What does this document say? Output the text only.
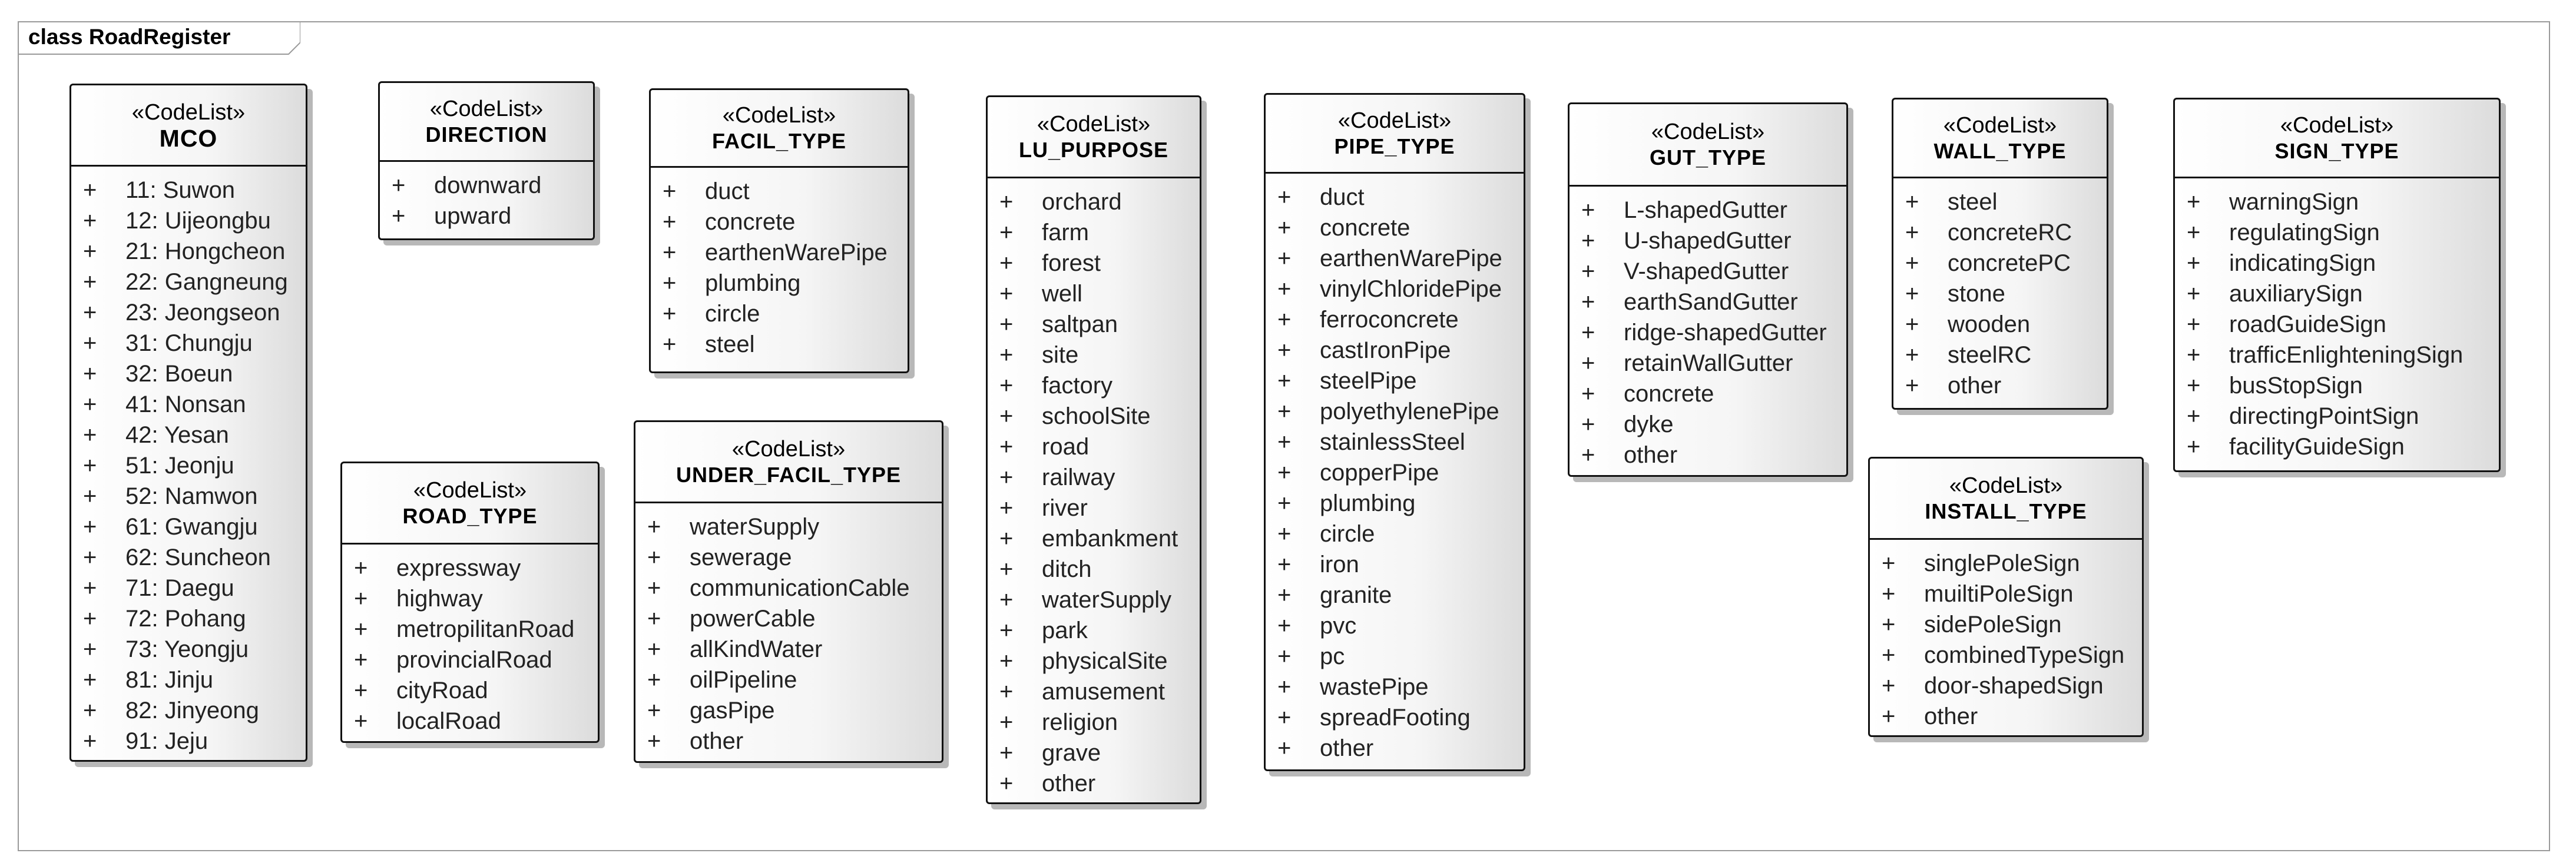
class RoadRegister
«CodeList»
MCO
+ 11: Suwon
+ 12: Uijeongbu
+ 21: Hongcheon
+ 22: Gangneung
+ 23: Jeongseon
+ 31: Chungju
+ 32: Boeun
+ 41: Nonsan
+ 42: Yesan
+ 51: Jeonju
+ 52: Namwon
+ 61: Gwangju
+ 62: Suncheon
+ 71: Daegu
+ 72: Pohang
+ 73: Yeongju
+ 81: Jinju
+ 82: Jinyeong
+ 91: Jeju
«CodeList»
DIRECTION
+ downward
+ upward
«CodeList»
ROAD_TYPE
+ expressway
+ highway
+ metropilitanRoad
+ provincialRoad
+ cityRoad
+ localRoad
«CodeList»
FACIL_TYPE
+ duct
+ concrete
+ earthenWarePipe
+ plumbing
+ circle
+ steel
«CodeList»
UNDER_FACIL_TYPE
+ waterSupply
+ sewerage
+ communicationCable
+ powerCable
+ allKindWater
+ oilPipeline
+ gasPipe
+ other
«CodeList»
LU_PURPOSE
+ orchard
+ farm
+ forest
+ well
+ saltpan
+ site
+ factory
+ schoolSite
+ road
+ railway
+ river
+ embankment
+ ditch
+ waterSupply
+ park
+ physicalSite
+ amusement
+ religion
+ grave
+ other
«CodeList»
PIPE_TYPE
+ duct
+ concrete
+ earthenWarePipe
+ vinylChloridePipe
+ ferroconcrete
+ castIronPipe
+ steelPipe
+ polyethylenePipe
+ stainlessSteel
+ copperPipe
+ plumbing
+ circle
+ iron
+ granite
+ pvc
+ pc
+ wastePipe
+ spreadFooting
+ other
«CodeList»
GUT_TYPE
+ L-shapedGutter
+ U-shapedGutter
+ V-shapedGutter
+ earthSandGutter
+ ridge-shapedGutter
+ retainWallGutter
+ concrete
+ dyke
+ other
«CodeList»
WALL_TYPE
+ steel
+ concreteRC
+ concretePC
+ stone
+ wooden
+ steelRC
+ other
«CodeList»
INSTALL_TYPE
+ singlePoleSign
+ muiltiPoleSign
+ sidePoleSign
+ combinedTypeSign
+ door-shapedSign
+ other
«CodeList»
SIGN_TYPE
+ warningSign
+ regulatingSign
+ indicatingSign
+ auxiliarySign
+ roadGuideSign
+ trafficEnlighteningSign
+ busStopSign
+ directingPointSign
+ facilityGuideSign
